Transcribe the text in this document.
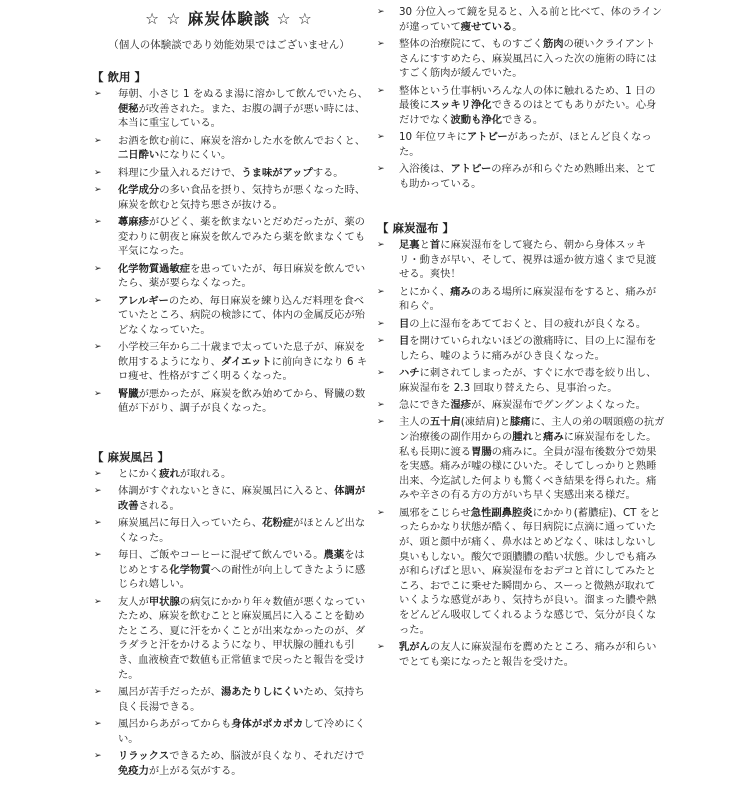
☆ ☆ 麻炭体験談 ☆ ☆
（個人の体験談であり効能効果ではございません）
【 飲用 】
➢ 毎朝、小さじ 1 をぬるま湯に溶かして飲んでいたら、便秘が改善された。また、お腹の調子が悪い時には、本当に重宝している。
➢ お酒を飲む前に、麻炭を溶かした水を飲んでおくと、二日酔いになりにくい。
➢ 料理に少量入れるだけで、うま味がアップする。
➢ 化学成分の多い食品を摂り、気持ちが悪くなった時、麻炭を飲むと気持ち悪さが抜ける。
➢ 蕁麻疹がひどく、薬を飲まないとだめだったが、薬の変わりに朝夜と麻炭を飲んでみたら薬を飲まなくても平気になった。
➢ 化学物質過敏症を患っていたが、毎日麻炭を飲んでいたら、薬が要らなくなった。
➢ アレルギーのため、毎日麻炭を練り込んだ料理を食べていたところ、病院の検診にて、体内の金属反応が殆どなくなっていた。
➢ 小学校三年から二十歳まで太っていた息子が、麻炭を飲用するようになり、ダイエットに前向きになり 6 キロ痩せ、性格がすごく明るくなった。
➢ 腎臓が悪かったが、麻炭を飲み始めてから、腎臓の数値が下がり、調子が良くなった。
【 麻炭風呂 】
➢ とにかく疲れが取れる。
➢ 体調がすぐれないときに、麻炭風呂に入ると、体調が改善される。
➢ 麻炭風呂に毎日入っていたら、花粉症がほとんど出なくなった。
➢ 毎日、ご飯やコーヒーに混ぜて飲んでいる。農薬をはじめとする化学物質への耐性が向上してきたように感じられ嬉しい。
➢ 友人が甲状腺の病気にかかり年々数値が悪くなっていたため、麻炭を飲むことと麻炭風呂に入ることを勧めたところ、夏に汗をかくことが出来なかったのが、ダラダラと汗をかけるようになり、甲状腺の腫れも引き、血液検査で数値も正常値まで戻ったと報告を受けた。
➢ 風呂が苦手だったが、湯あたりしにくいため、気持ち良く長湯できる。
➢ 風呂からあがってからも身体がポカポカして冷めにくい。
➢ リラックスできるため、脳波が良くなり、それだけで免疫力が上がる気がする。
➢ 30 分位入って鏡を見ると、入る前と比べて、体のラインが違っていて痩せている。
➢ 整体の治療院にて、ものすごく筋肉の硬いクライアントさんにすすめたら、麻炭風呂に入った次の施術の時にはすごく筋肉が緩んでいた。
➢ 整体という仕事柄いろんな人の体に触れるため、1 日の最後にスッキリ浄化できるのはとてもありがたい。心身だけでなく波動も浄化できる。
➢ 10 年位ワキにアトピーがあったが、ほとんど良くなった。
➢ 入浴後は、アトピーの痒みが和らぐため熟睡出来、とても助かっている。
【 麻炭湿布 】
➢ 足裏と首に麻炭湿布をして寝たら、朝から身体スッキリ・動きが早い、そして、視界は遥か彼方遠くまで見渡せる。爽快！
➢ とにかく、痛みのある場所に麻炭湿布をすると、痛みが和らぐ。
➢ 目の上に湿布をあてておくと、目の疲れが良くなる。
➢ 目を開けていられないほどの激痛時に、目の上に湿布をしたら、嘘のように痛みがひき良くなった。
➢ ハチに刺されてしまったが、すぐに水で毒を絞り出し、麻炭湿布を 2.3 回取り替えたら、見事治った。
➢ 急にできた湿疹が、麻炭湿布でグングンよくなった。
➢ 主人の五十肩(凍結肩)と膝痛に、主人の弟の咽頭癌の抗ガン治療後の副作用からの腫れと痛みに麻炭湿布をした。私も長期に渡る胃腸の痛みに。全員が湿布後数分で効果を実感。痛みが嘘の様にひいた。そしてしっかりと熟睡出来、今迄試した何よりも驚くべき結果を得られた。痛みや辛さの有る方の方がいち早く実感出来る様だ。
➢ 風邪をこじらせ急性副鼻腔炎にかかり(蓄膿症)、CT をとったらかなり状態が酷く、毎日病院に点滴に通っていたが、頭と顔中が痛く、鼻水はとめどなく、味はしないし臭いもしない。酸欠で頭膿膿の酷い状態。少しでも痛みが和らげばと思い、麻炭湿布をおデコと首にしてみたところ、おでこに乗せた瞬間から、スーっと微熱が取れていくような感覚があり、気持ちが良い。溜まった膿や熱をどんどん吸収してくれるような感じで、気分が良くなった。
➢ 乳がんの友人に麻炭湿布を薦めたところ、痛みが和らいでとても楽になったと報告を受けた。
